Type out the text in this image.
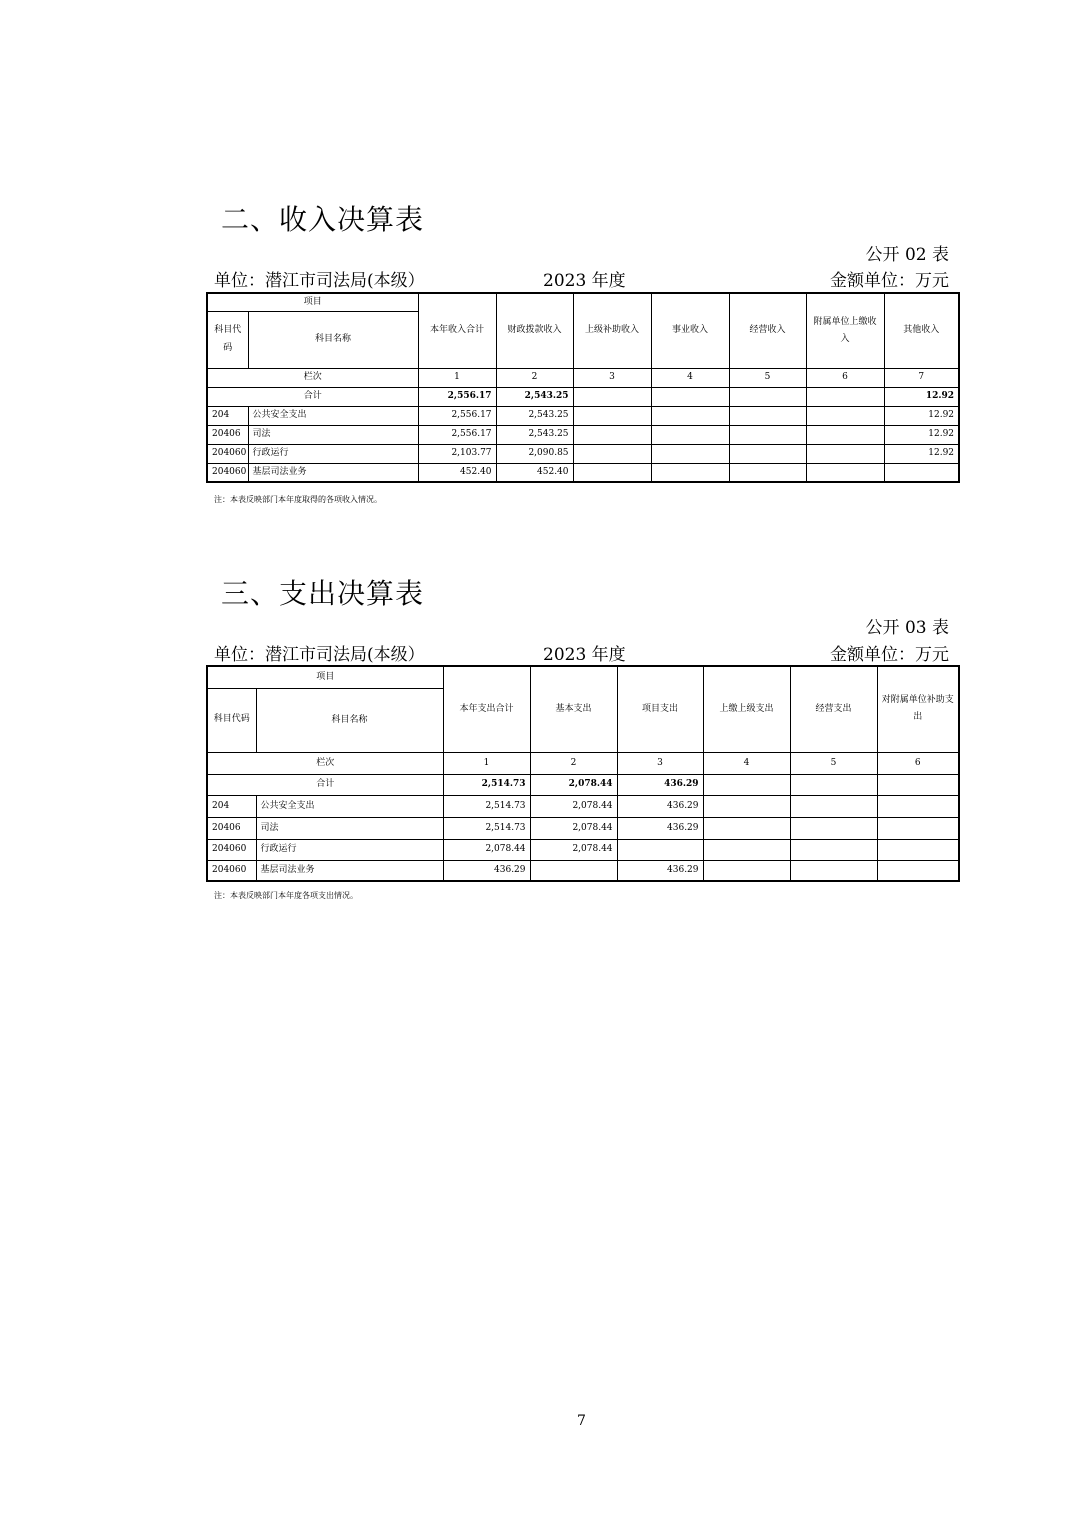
二、收入决算表
公开 02 表
单位：潜江市司法局(本级）	2023 年度	金额单位：万元
项目		本年收入合计	财政拨款收入	上级补助收入	事业收入	经营收入	附属单位上缴收入	其他收入
科目代码	科目名称							
栏次		1	2	3	4	5	6	7
合计		2,556.17	2,543.25					12.92
204	公共安全支出	2,556.17	2,543.25					12.92
20406	司法	2,556.17	2,543.25					12.92
204060	行政运行	2,103.77	2,090.85					12.92
204060	基层司法业务	452.40	452.40					
注：本表反映部门本年度取得的各项收入情况。
三、支出决算表
公开 03 表
单位：潜江市司法局(本级）	2023 年度	金额单位：万元
项目		本年支出合计	基本支出	项目支出	上缴上级支出	经营支出	对附属单位补助支出
科目代码	科目名称						
栏次		1	2	3	4	5	6
合计		2,514.73	2,078.44	436.29			
204	公共安全支出	2,514.73	2,078.44	436.29			
20406	司法	2,514.73	2,078.44	436.29			
204060	行政运行	2,078.44	2,078.44				
204060	基层司法业务	436.29		436.29			
注：本表反映部门本年度各项支出情况。
7
